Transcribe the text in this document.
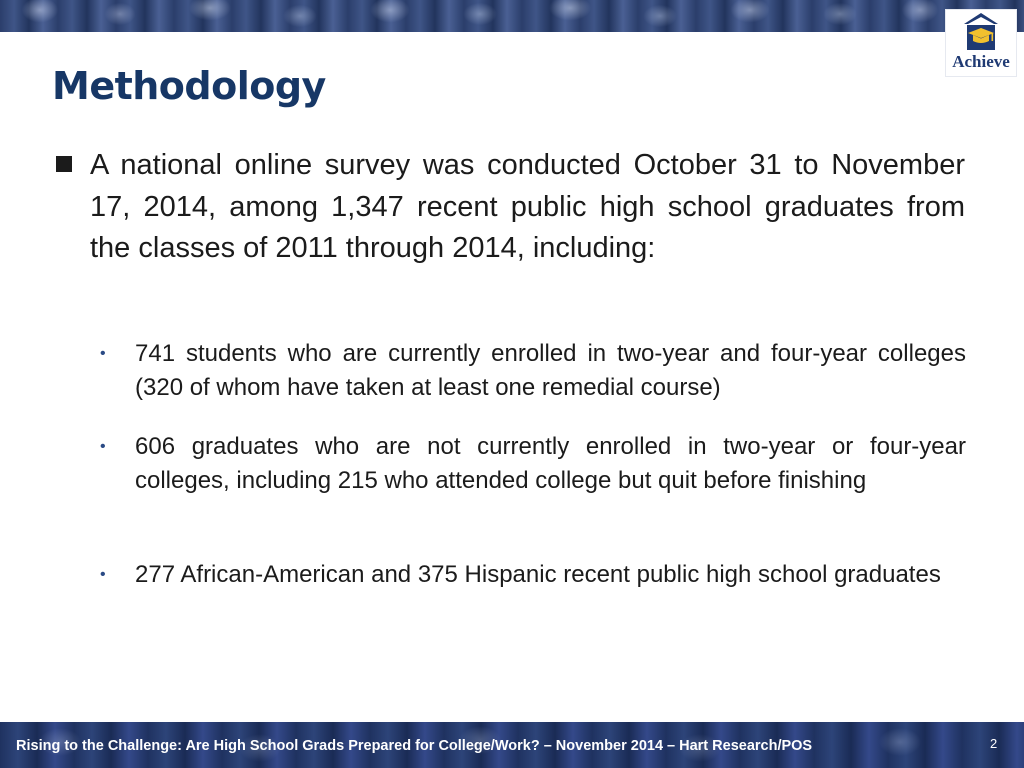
Achieve
Methodology

A national online survey was conducted October 31 to November 17, 2014, among 1,347 recent public high school graduates from the classes of 2011 through 2014, including:

• 741 students who are currently enrolled in two-year and four-year colleges (320 of whom have taken at least one remedial course)

• 606 graduates who are not currently enrolled in two-year or four-year colleges, including 215 who attended college but quit before finishing

• 277 African-American and 375 Hispanic recent public high school graduates

Rising to the Challenge: Are High School Grads Prepared for College/Work? – November 2014 – Hart Research/POS	2
